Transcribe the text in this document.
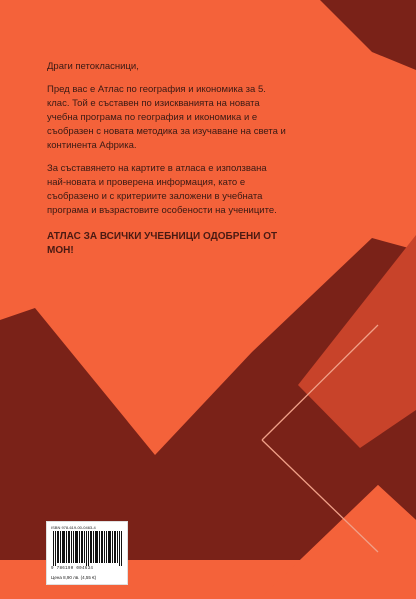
Драги петокласници,

Пред вас е Атлас по география и икономика за 5. клас. Той е съставен по изискванията на новата учебна програма по география и икономика и е съобразен с новата методика за изучаване на света и континента Африка.

За съставянето на картите в атласа е използвана най-новата и проверена информация, като е съобразено и с критериите заложени в учебната програма и възрастовите особености на учениците.

АТЛАС ЗА ВСИЧКИ УЧЕБНИЦИ ОДОБРЕНИ ОТ МОН!

ISBN 978-619-00-0463-4
9 786190 004634
Цена 8,90 лв. (4,55 €)
